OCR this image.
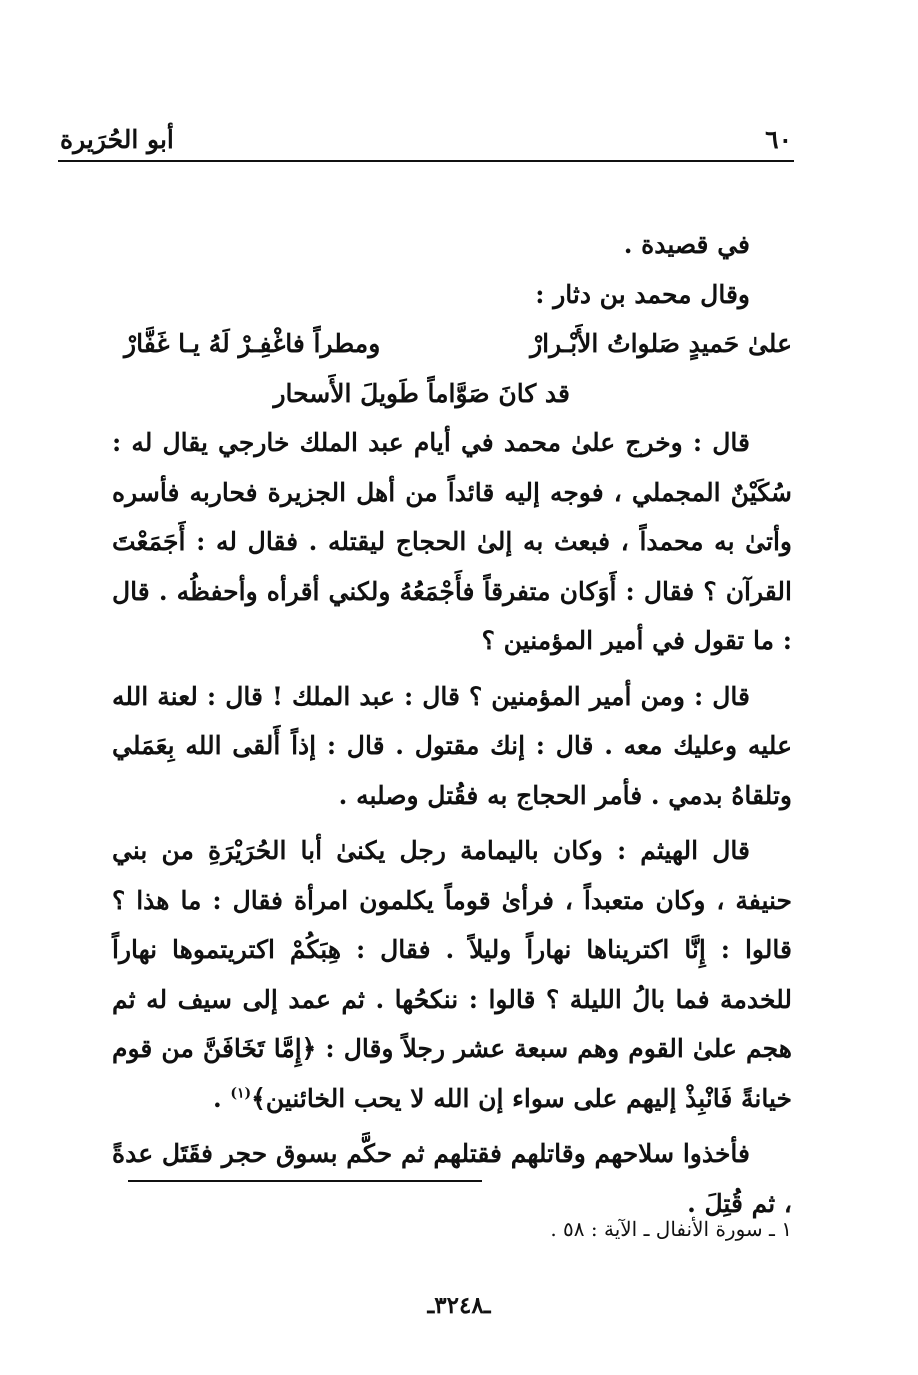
٦٠
أبو الحُرَيرة

في قصيدة .

وقال محمد بن دثار :

علىٰ حَميدٍ صَلواتُ الأَبْـرارْ
ومطراً فاغْفِـرْ لَهُ يـا غَفَّارْ
قد كانَ صَوَّاماً طَويلَ الأَسحار

قال : وخرج علىٰ محمد في أيام عبد الملك خارجي يقال له : سُكَيْنٌ المجملي ، فوجه إليه قائداً من أهل الجزيرة فحاربه فأسره وأتىٰ به محمداً ، فبعث به إلىٰ الحجاج ليقتله . فقال له : أَجَمَعْتَ القرآن ؟ فقال : أَوَكان متفرقاً فأَجْمَعُهُ ولكني أقرأه وأحفظُه . قال : ما تقول في أمير المؤمنين ؟

قال : ومن أمير المؤمنين ؟ قال : عبد الملك ! قال : لعنة الله عليه وعليك معه . قال : إنك مقتول . قال : إذاً أَلقى الله بِعَمَلي وتلقاهُ بدمي . فأمر الحجاج به فقُتل وصلبه .

قال الهيثم : وكان باليمامة رجل يكنىٰ أبا الحُرَيْرَةِ من بني حنيفة ، وكان متعبداً ، فرأىٰ قوماً يكلمون امرأة فقال : ما هذا ؟ قالوا : إِنَّا اكتريناها نهاراً وليلاً . فقال : هِبَكُمْ اكتريتموها نهاراً للخدمة فما بالُ الليلة ؟ قالوا : ننكحُها . ثم عمد إلى سيف له ثم هجم علىٰ القوم وهم سبعة عشر رجلاً وقال : ﴿إِمَّا تَخَافَنَّ من قوم خيانةً فَانْبِذْ إليهم على سواء إن الله لا يحب الخائنين﴾$^{(١)}$ .

فأخذوا سلاحهم وقاتلهم فقتلهم ثم حكَّم بسوق حجر فقَتَل عدةً ، ثم قُتِلَ .

١ ـ سورة الأنفال ـ الآية : ٥٨ .
ـ٣٢٤٨ـ
